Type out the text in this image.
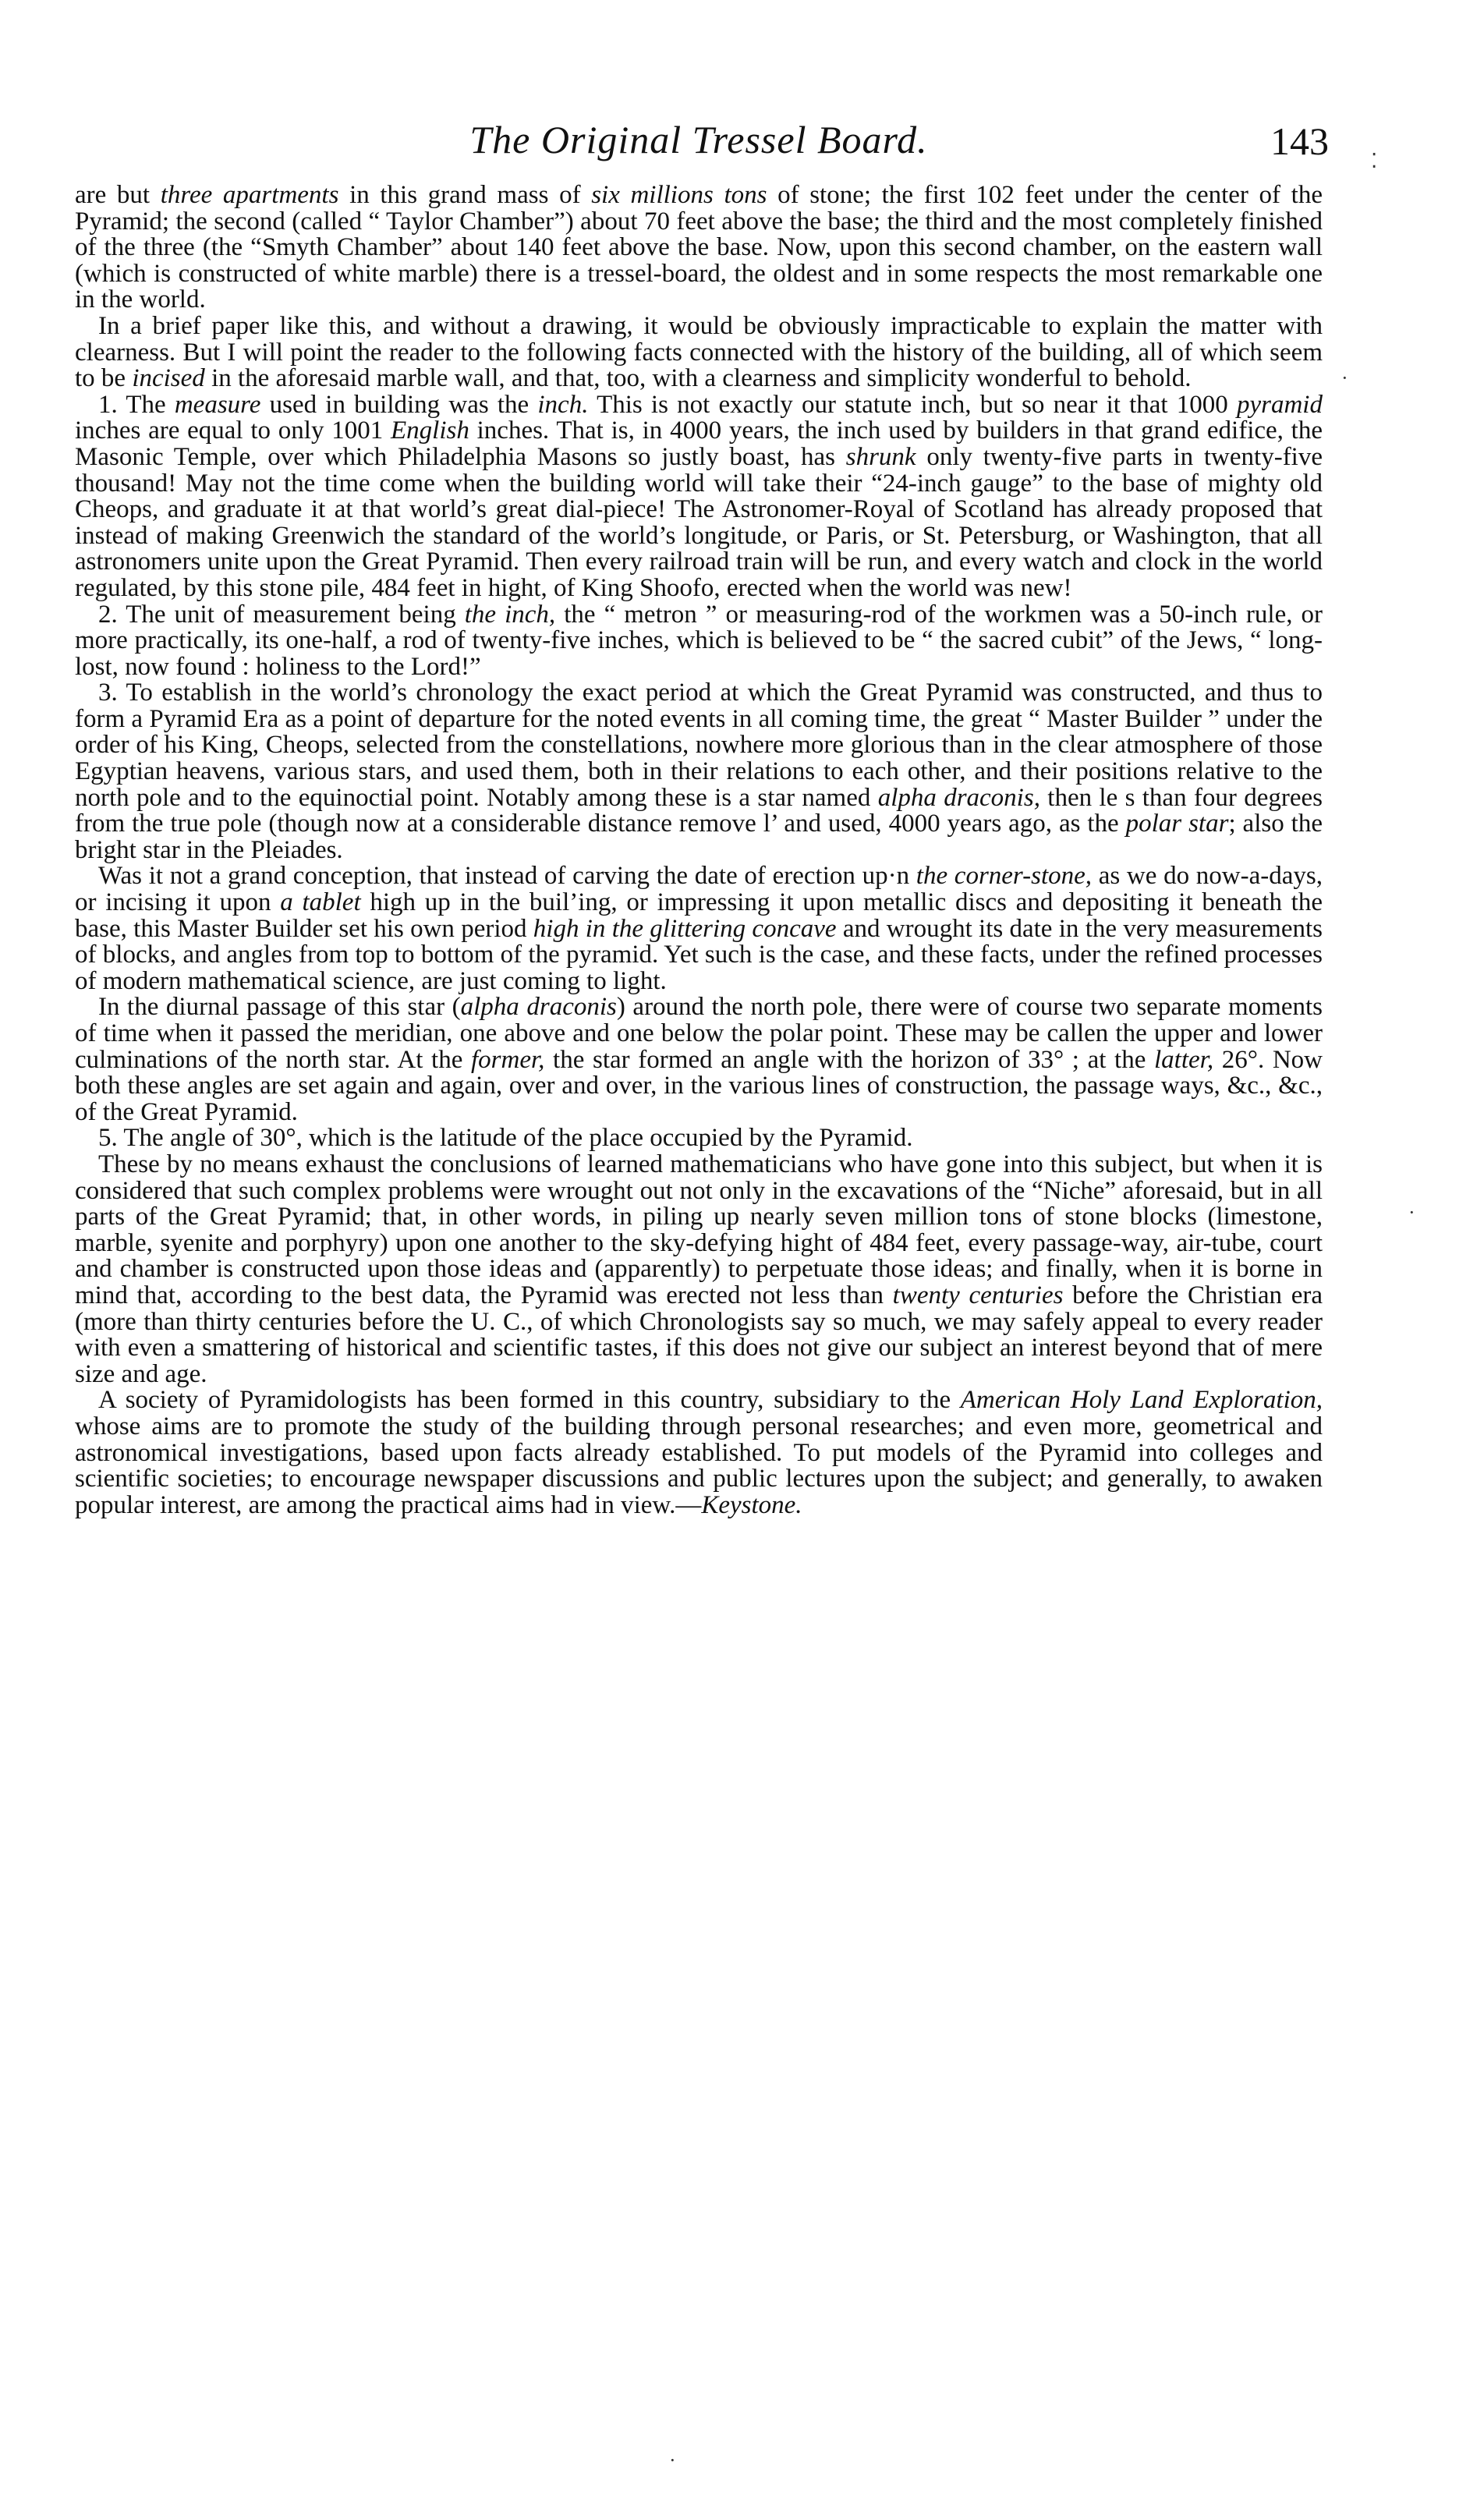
The Original Tressel Board.	143

are but three apartments in this grand mass of six millions tons of stone; the first 102 feet under the center of the Pyramid; the second (called “ Taylor Chamber”) about 70 feet above the base; the third and the most completely finished of the three (the “Smyth Chamber” about 140 feet above the base. Now, upon this second chamber, on the eastern wall (which is constructed of white marble) there is a tressel-board, the oldest and in some respects the most remarkable one in the world.

In a brief paper like this, and without a drawing, it would be obviously impracticable to explain the matter with clearness. But I will point the reader to the following facts connected with the history of the building, all of which seem to be incised in the aforesaid marble wall, and that, too, with a clearness and simplicity wonderful to behold.

1. The measure used in building was the inch. This is not exactly our statute inch, but so near it that 1000 pyramid inches are equal to only 1001 English inches. That is, in 4000 years, the inch used by builders in that grand edifice, the Masonic Temple, over which Philadelphia Masons so justly boast, has shrunk only twenty-five parts in twenty-five thousand! May not the time come when the building world will take their “24-inch gauge” to the base of mighty old Cheops, and graduate it at that world’s great dial-piece! The Astronomer-Royal of Scotland has already proposed that instead of making Greenwich the standard of the world’s longitude, or Paris, or St. Petersburg, or Washington, that all astronomers unite upon the Great Pyramid. Then every railroad train will be run, and every watch and clock in the world regulated, by this stone pile, 484 feet in hight, of King Shoofo, erected when the world was new!

2. The unit of measurement being the inch, the “ metron ” or measuring-rod of the workmen was a 50-inch rule, or more practically, its one-half, a rod of twenty-five inches, which is believed to be “ the sacred cubit” of the Jews, “ long-lost, now found : holiness to the Lord!”

3. To establish in the world’s chronology the exact period at which the Great Pyramid was constructed, and thus to form a Pyramid Era as a point of departure for the noted events in all coming time, the great “ Master Builder ” under the order of his King, Cheops, selected from the constellations, nowhere more glorious than in the clear atmosphere of those Egyptian heavens, various stars, and used them, both in their relations to each other, and their positions relative to the north pole and to the equinoctial point. Notably among these is a star named alpha draconis, then le s than four degrees from the true pole (though now at a considerable distance remove l’ and used, 4000 years ago, as the polar star; also the bright star in the Pleiades.

Was it not a grand conception, that instead of carving the date of erection up·n the corner-stone, as we do now-a-days, or incising it upon a tablet high up in the buil’ing, or impressing it upon metallic discs and depositing it beneath the base, this Master Builder set his own period high in the glittering concave and wrought its date in the very measurements of blocks, and angles from top to bottom of the pyramid. Yet such is the case, and these facts, under the refined processes of modern mathematical science, are just coming to light.

In the diurnal passage of this star (alpha draconis) around the north pole, there were of course two separate moments of time when it passed the meridian, one above and one below the polar point. These may be callen the upper and lower culminations of the north star. At the former, the star formed an angle with the horizon of 33° ; at the latter, 26°. Now both these angles are set again and again, over and over, in the various lines of construction, the passage ways, &c., &c., of the Great Pyramid.

5. The angle of 30°, which is the latitude of the place occupied by the Pyramid.

These by no means exhaust the conclusions of learned mathematicians who have gone into this subject, but when it is considered that such complex problems were wrought out not only in the excavations of the “Niche” aforesaid, but in all parts of the Great Pyramid; that, in other words, in piling up nearly seven million tons of stone blocks (limestone, marble, syenite and porphyry) upon one another to the sky-defying hight of 484 feet, every passage-way, air-tube, court and chamber is constructed upon those ideas and (apparently) to perpetuate those ideas; and finally, when it is borne in mind that, according to the best data, the Pyramid was erected not less than twenty centuries before the Christian era (more than thirty centuries before the U. C., of which Chronologists say so much, we may safely appeal to every reader with even a smattering of historical and scientific tastes, if this does not give our subject an interest beyond that of mere size and age.

A society of Pyramidologists has been formed in this country, subsidiary to the American Holy Land Exploration, whose aims are to promote the study of the building through personal researches; and even more, geometrical and astronomical investigations, based upon facts already established. To put models of the Pyramid into colleges and scientific societies; to encourage newspaper discussions and public lectures upon the subject; and generally, to awaken popular interest, are among the practical aims had in view.—Keystone.

⁚
·
·
·
